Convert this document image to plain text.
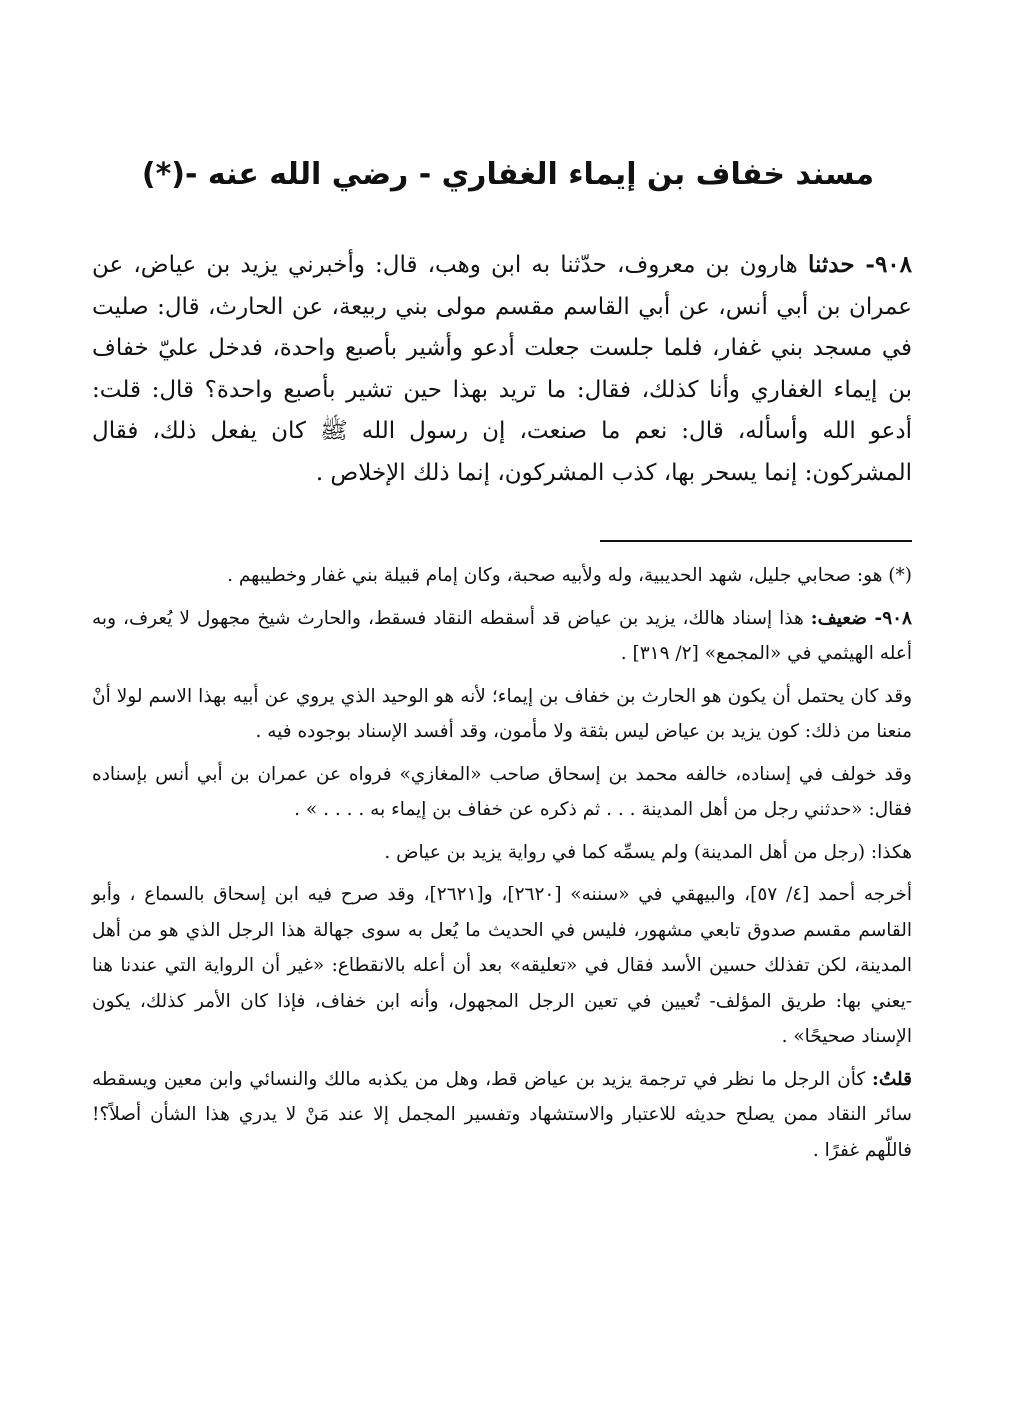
مسند خفاف بن إيماء الغفاري - رضي الله عنه -(*)

٩٠٨- حدثنا هارون بن معروف، حدّثنا به ابن وهب، قال: وأخبرني يزيد بن عياض، عن عمران بن أبي أنس، عن أبي القاسم مقسم مولى بني ربيعة، عن الحارث، قال: صليت في مسجد بني غفار، فلما جلست جعلت أدعو وأشير بأصبع واحدة، فدخل عليّ خفاف بن إيماء الغفاري وأنا كذلك، فقال: ما تريد بهذا حين تشير بأصبع واحدة؟ قال: قلت: أدعو الله وأسأله، قال: نعم ما صنعت، إن رسول الله ﷺ كان يفعل ذلك، فقال المشركون: إنما يسحر بها، كذب المشركون، إنما ذلك الإخلاص .

(*) هو: صحابي جليل، شهد الحديبية، وله ولأبيه صحبة، وكان إمام قبيلة بني غفار وخطيبهم .

٩٠٨- ضعيف: هذا إسناد هالك، يزيد بن عياض قد أسقطه النقاد فسقط، والحارث شيخ مجهول لا يُعرف، وبه أعله الهيثمي في «المجمع» [٢/ ٣١٩] .

وقد كان يحتمل أن يكون هو الحارث بن خفاف بن إيماء؛ لأنه هو الوحيد الذي يروي عن أبيه بهذا الاسم لولا أنْ منعنا من ذلك: كون يزيد بن عياض ليس بثقة ولا مأمون، وقد أفسد الإسناد بوجوده فيه .

وقد خولف في إسناده، خالفه محمد بن إسحاق صاحب «المغازي» فرواه عن عمران بن أبي أنس بإسناده فقال: «حدثني رجل من أهل المدينة . . . ثم ذكره عن خفاف بن إيماء به . . . . » .

هكذا: (رجل من أهل المدينة) ولم يسمِّه كما في رواية يزيد بن عياض .

أخرجه أحمد [٤/ ٥٧]، والبيهقي في «سننه» [٢٦٢٠]، و[٢٦٢١]، وقد صرح فيه ابن إسحاق بالسماع ، وأبو القاسم مقسم صدوق تابعي مشهور، فليس في الحديث ما يُعل به سوى جهالة هذا الرجل الذي هو من أهل المدينة، لكن تفذلك حسين الأسد فقال في «تعليقه» بعد أن أعله بالانقطاع: «غير أن الرواية التي عندنا هنا -يعني بها: طريق المؤلف- تُعيين في تعين الرجل المجهول، وأنه ابن خفاف، فإذا كان الأمر كذلك، يكون الإسناد صحيحًا» .

قلتُ: كأن الرجل ما نظر في ترجمة يزيد بن عياض قط، وهل من يكذبه مالك والنسائي وابن معين ويسقطه سائر النقاد ممن يصلح حديثه للاعتبار والاستشهاد وتفسير المجمل إلا عند مَنْ لا يدري هذا الشأن أصلاً؟! فاللّهم غفرًا .
